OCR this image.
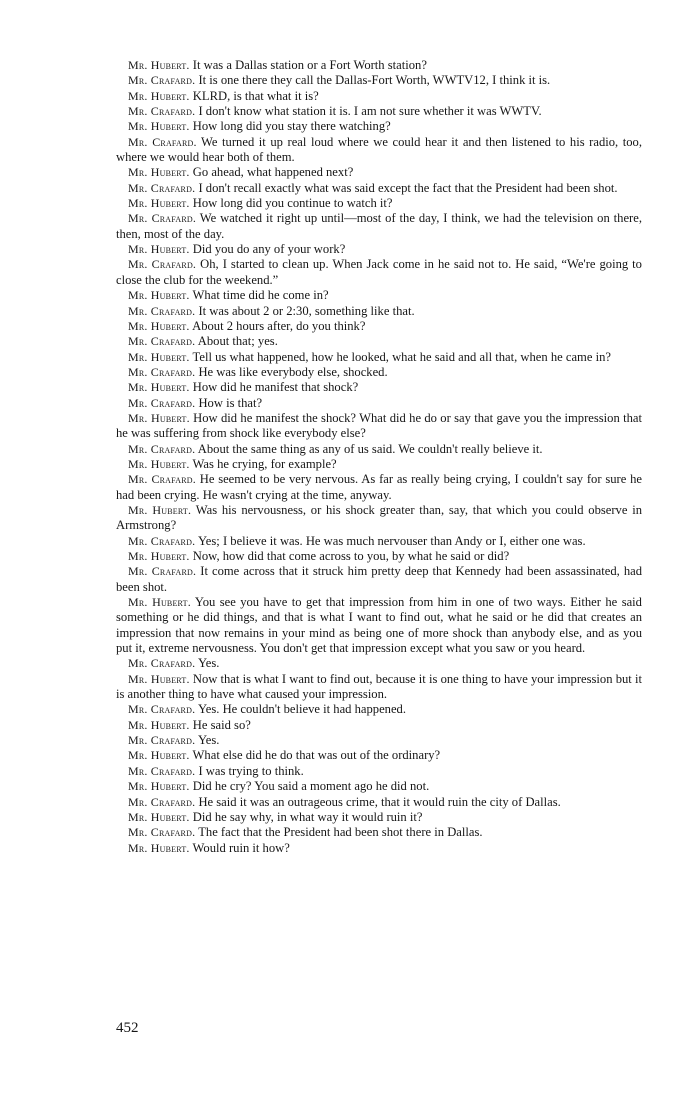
Mr. Hubert. It was a Dallas station or a Fort Worth station?

Mr. Crafard. It is one there they call the Dallas-Fort Worth, WWTV12, I think it is.

Mr. Hubert. KLRD, is that what it is?

Mr. Crafard. I don't know what station it is. I am not sure whether it was WWTV.

Mr. Hubert. How long did you stay there watching?

Mr. Crafard. We turned it up real loud where we could hear it and then listened to his radio, too, where we would hear both of them.

Mr. Hubert. Go ahead, what happened next?

Mr. Crafard. I don't recall exactly what was said except the fact that the President had been shot.

Mr. Hubert. How long did you continue to watch it?

Mr. Crafard. We watched it right up until—most of the day, I think, we had the television on there, then, most of the day.

Mr. Hubert. Did you do any of your work?

Mr. Crafard. Oh, I started to clean up. When Jack come in he said not to. He said, “We're going to close the club for the weekend.”

Mr. Hubert. What time did he come in?

Mr. Crafard. It was about 2 or 2:30, something like that.

Mr. Hubert. About 2 hours after, do you think?

Mr. Crafard. About that; yes.

Mr. Hubert. Tell us what happened, how he looked, what he said and all that, when he came in?

Mr. Crafard. He was like everybody else, shocked.

Mr. Hubert. How did he manifest that shock?

Mr. Crafard. How is that?

Mr. Hubert. How did he manifest the shock? What did he do or say that gave you the impression that he was suffering from shock like everybody else?

Mr. Crafard. About the same thing as any of us said. We couldn't really believe it.

Mr. Hubert. Was he crying, for example?

Mr. Crafard. He seemed to be very nervous. As far as really being crying, I couldn't say for sure he had been crying. He wasn't crying at the time, anyway.

Mr. Hubert. Was his nervousness, or his shock greater than, say, that which you could observe in Armstrong?

Mr. Crafard. Yes; I believe it was. He was much nervouser than Andy or I, either one was.

Mr. Hubert. Now, how did that come across to you, by what he said or did?

Mr. Crafard. It come across that it struck him pretty deep that Kennedy had been assassinated, had been shot.

Mr. Hubert. You see you have to get that impression from him in one of two ways. Either he said something or he did things, and that is what I want to find out, what he said or he did that creates an impression that now remains in your mind as being one of more shock than anybody else, and as you put it, extreme nervousness. You don't get that impression except what you saw or you heard.

Mr. Crafard. Yes.

Mr. Hubert. Now that is what I want to find out, because it is one thing to have your impression but it is another thing to have what caused your impression.

Mr. Crafard. Yes. He couldn't believe it had happened.

Mr. Hubert. He said so?

Mr. Crafard. Yes.

Mr. Hubert. What else did he do that was out of the ordinary?

Mr. Crafard. I was trying to think.

Mr. Hubert. Did he cry? You said a moment ago he did not.

Mr. Crafard. He said it was an outrageous crime, that it would ruin the city of Dallas.

Mr. Hubert. Did he say why, in what way it would ruin it?

Mr. Crafard. The fact that the President had been shot there in Dallas.

Mr. Hubert. Would ruin it how?

452
